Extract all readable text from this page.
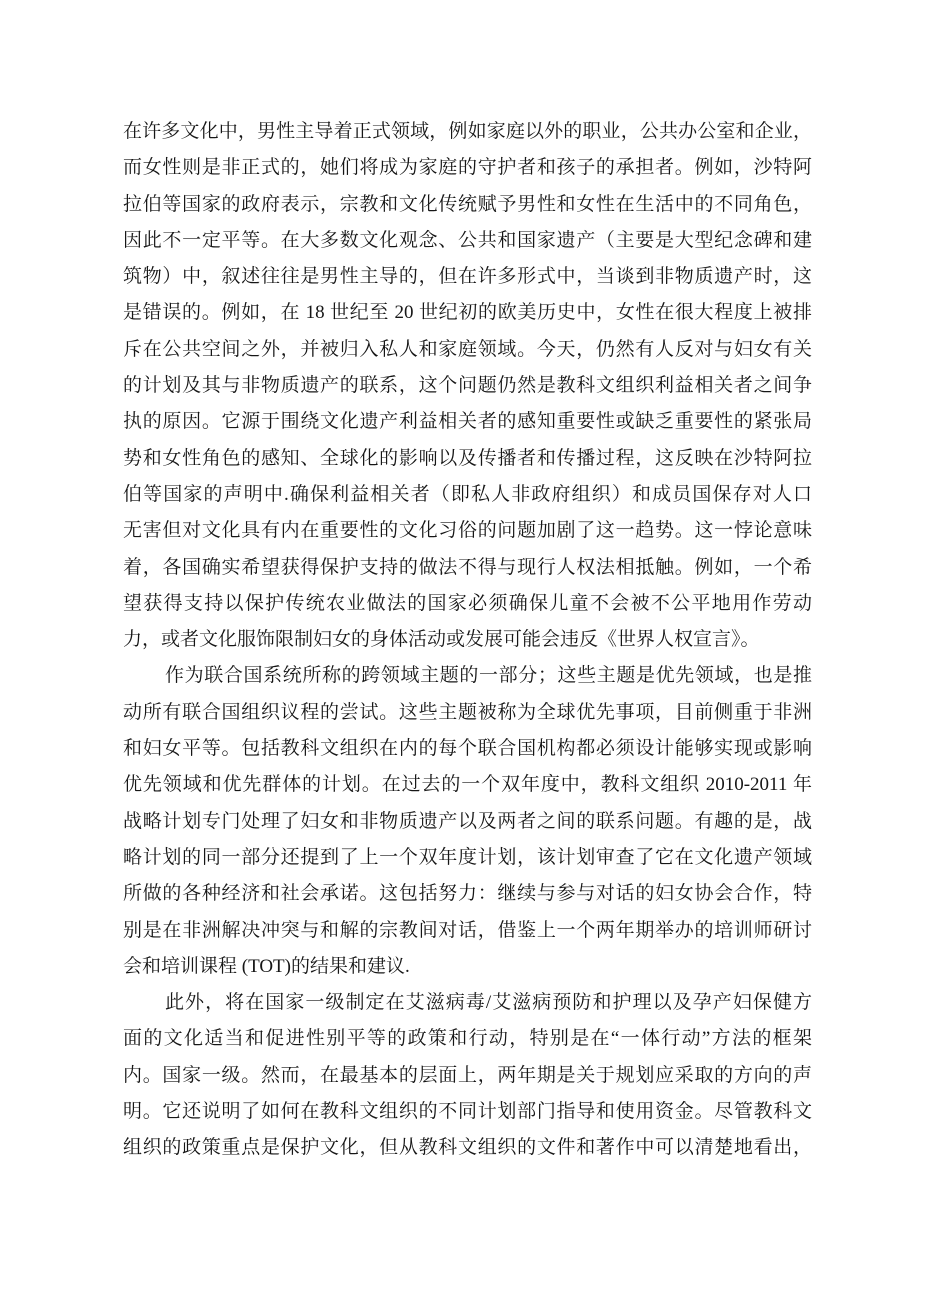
在许多文化中，男性主导着正式领域，例如家庭以外的职业，公共办公室和企业，
而女性则是非正式的，她们将成为家庭的守护者和孩子的承担者。例如，沙特阿
拉伯等国家的政府表示，宗教和文化传统赋予男性和女性在生活中的不同角色，
因此不一定平等。在大多数文化观念、公共和国家遗产（主要是大型纪念碑和建
筑物）中，叙述往往是男性主导的，但在许多形式中，当谈到非物质遗产时，这
是错误的。例如，在 18 世纪至 20 世纪初的欧美历史中，女性在很大程度上被排
斥在公共空间之外，并被归入私人和家庭领域。今天，仍然有人反对与妇女有关
的计划及其与非物质遗产的联系，这个问题仍然是教科文组织利益相关者之间争
执的原因。它源于围绕文化遗产利益相关者的感知重要性或缺乏重要性的紧张局
势和女性角色的感知、全球化的影响以及传播者和传播过程，这反映在沙特阿拉
伯等国家的声明中.确保利益相关者（即私人非政府组织）和成员国保存对人口
无害但对文化具有内在重要性的文化习俗的问题加剧了这一趋势。这一悖论意味
着，各国确实希望获得保护支持的做法不得与现行人权法相抵触。例如，一个希
望获得支持以保护传统农业做法的国家必须确保儿童不会被不公平地用作劳动
力，或者文化服饰限制妇女的身体活动或发展可能会违反《世界人权宣言》。
作为联合国系统所称的跨领域主题的一部分；这些主题是优先领域，也是推
动所有联合国组织议程的尝试。这些主题被称为全球优先事项，目前侧重于非洲
和妇女平等。包括教科文组织在内的每个联合国机构都必须设计能够实现或影响
优先领域和优先群体的计划。在过去的一个双年度中，教科文组织 2010-2011 年
战略计划专门处理了妇女和非物质遗产以及两者之间的联系问题。有趣的是，战
略计划的同一部分还提到了上一个双年度计划，该计划审查了它在文化遗产领域
所做的各种经济和社会承诺。这包括努力：继续与参与对话的妇女协会合作，特
别是在非洲解决冲突与和解的宗教间对话，借鉴上一个两年期举办的培训师研讨
会和培训课程 (TOT)的结果和建议.
此外，将在国家一级制定在艾滋病毒/艾滋病预防和护理以及孕产妇保健方
面的文化适当和促进性别平等的政策和行动，特别是在“一体行动”方法的框架
内。国家一级。然而，在最基本的层面上，两年期是关于规划应采取的方向的声
明。它还说明了如何在教科文组织的不同计划部门指导和使用资金。尽管教科文
组织的政策重点是保护文化，但从教科文组织的文件和著作中可以清楚地看出，
